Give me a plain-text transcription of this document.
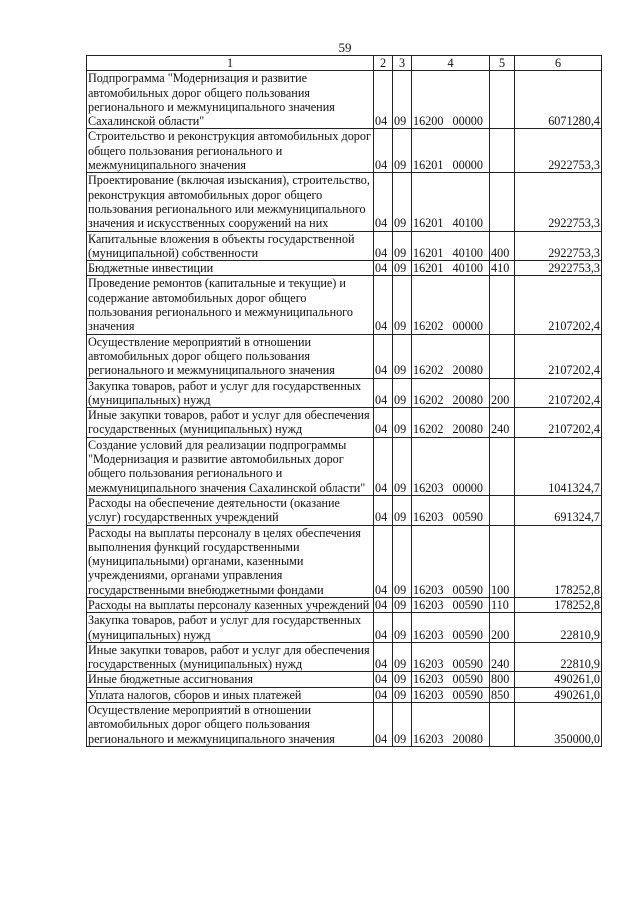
59
1	2	3	4	5	6
Подпрограмма "Модернизация и развитие автомобильных дорог общего пользования регионального и межмуниципального значения Сахалинской области"	04	09	16200 00000		6071280,4
Строительство и реконструкция автомобильных дорог общего пользования регионального и межмуниципального значения	04	09	16201 00000		2922753,3
Проектирование (включая изыскания), строительство, реконструкция автомобильных дорог общего пользования регионального или межмуниципального значения и искусственных сооружений на них	04	09	16201 40100		2922753,3
Капитальные вложения в объекты государственной (муниципальной) собственности	04	09	16201 40100	400	2922753,3
Бюджетные инвестиции	04	09	16201 40100	410	2922753,3
Проведение ремонтов (капитальные и текущие) и содержание автомобильных дорог общего пользования регионального и межмуниципального значения	04	09	16202 00000		2107202,4
Осуществление мероприятий в отношении автомобильных дорог общего пользования регионального и межмуниципального значения	04	09	16202 20080		2107202,4
Закупка товаров, работ и услуг для государственных (муниципальных) нужд	04	09	16202 20080	200	2107202,4
Иные закупки товаров, работ и услуг для обеспечения государственных (муниципальных) нужд	04	09	16202 20080	240	2107202,4
Создание условий для реализации подпрограммы "Модернизация и развитие автомобильных дорог общего пользования регионального и межмуниципального значения Сахалинской области"	04	09	16203 00000		1041324,7
Расходы на обеспечение деятельности (оказание услуг) государственных учреждений	04	09	16203 00590		691324,7
Расходы на выплаты персоналу в целях обеспечения выполнения функций государственными (муниципальными) органами, казенными учреждениями, органами управления государственными внебюджетными фондами	04	09	16203 00590	100	178252,8
Расходы на выплаты персоналу казенных учреждений	04	09	16203 00590	110	178252,8
Закупка товаров, работ и услуг для государственных (муниципальных) нужд	04	09	16203 00590	200	22810,9
Иные закупки товаров, работ и услуг для обеспечения государственных (муниципальных) нужд	04	09	16203 00590	240	22810,9
Иные бюджетные ассигнования	04	09	16203 00590	800	490261,0
Уплата налогов, сборов и иных платежей	04	09	16203 00590	850	490261,0
Осуществление мероприятий в отношении автомобильных дорог общего пользования регионального и межмуниципального значения	04	09	16203 20080		350000,0
